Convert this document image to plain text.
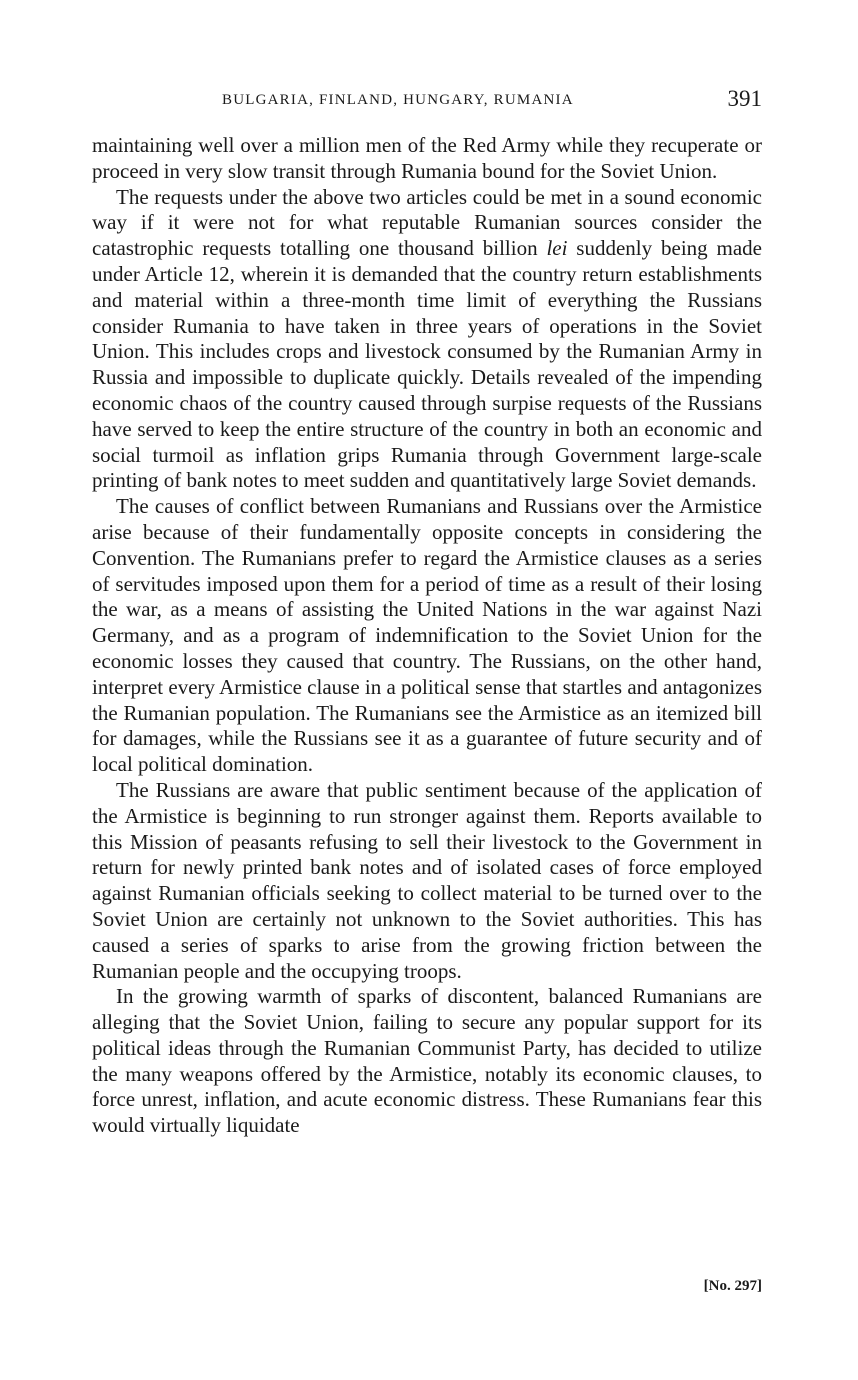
BULGARIA, FINLAND, HUNGARY, RUMANIA	391

maintaining well over a million men of the Red Army while they recuperate or proceed in very slow transit through Rumania bound for the Soviet Union.

The requests under the above two articles could be met in a sound economic way if it were not for what reputable Rumanian sources consider the catastrophic requests totalling one thousand billion lei suddenly being made under Article 12, wherein it is demanded that the country return establishments and material within a three-month time limit of everything the Russians consider Rumania to have taken in three years of operations in the Soviet Union. This includes crops and livestock consumed by the Rumanian Army in Russia and impossible to duplicate quickly. Details revealed of the impending economic chaos of the country caused through surpise requests of the Russians have served to keep the entire structure of the country in both an economic and social turmoil as inflation grips Rumania through Government large-scale printing of bank notes to meet sudden and quantitatively large Soviet demands.

The causes of conflict between Rumanians and Russians over the Armistice arise because of their fundamentally opposite concepts in considering the Convention. The Rumanians prefer to regard the Armistice clauses as a series of servitudes imposed upon them for a period of time as a result of their losing the war, as a means of assisting the United Nations in the war against Nazi Germany, and as a program of indemnification to the Soviet Union for the economic losses they caused that country. The Russians, on the other hand, interpret every Armistice clause in a political sense that startles and antagonizes the Rumanian population. The Rumanians see the Armistice as an itemized bill for damages, while the Russians see it as a guarantee of future security and of local political domination.

The Russians are aware that public sentiment because of the application of the Armistice is beginning to run stronger against them. Reports available to this Mission of peasants refusing to sell their livestock to the Government in return for newly printed bank notes and of isolated cases of force employed against Rumanian officials seeking to collect material to be turned over to the Soviet Union are certainly not unknown to the Soviet authorities. This has caused a series of sparks to arise from the growing friction between the Rumanian people and the occupying troops.

In the growing warmth of sparks of discontent, balanced Rumanians are alleging that the Soviet Union, failing to secure any popular support for its political ideas through the Rumanian Communist Party, has decided to utilize the many weapons offered by the Armistice, notably its economic clauses, to force unrest, inflation, and acute economic distress. These Rumanians fear this would virtually liquidate

[No. 297]
